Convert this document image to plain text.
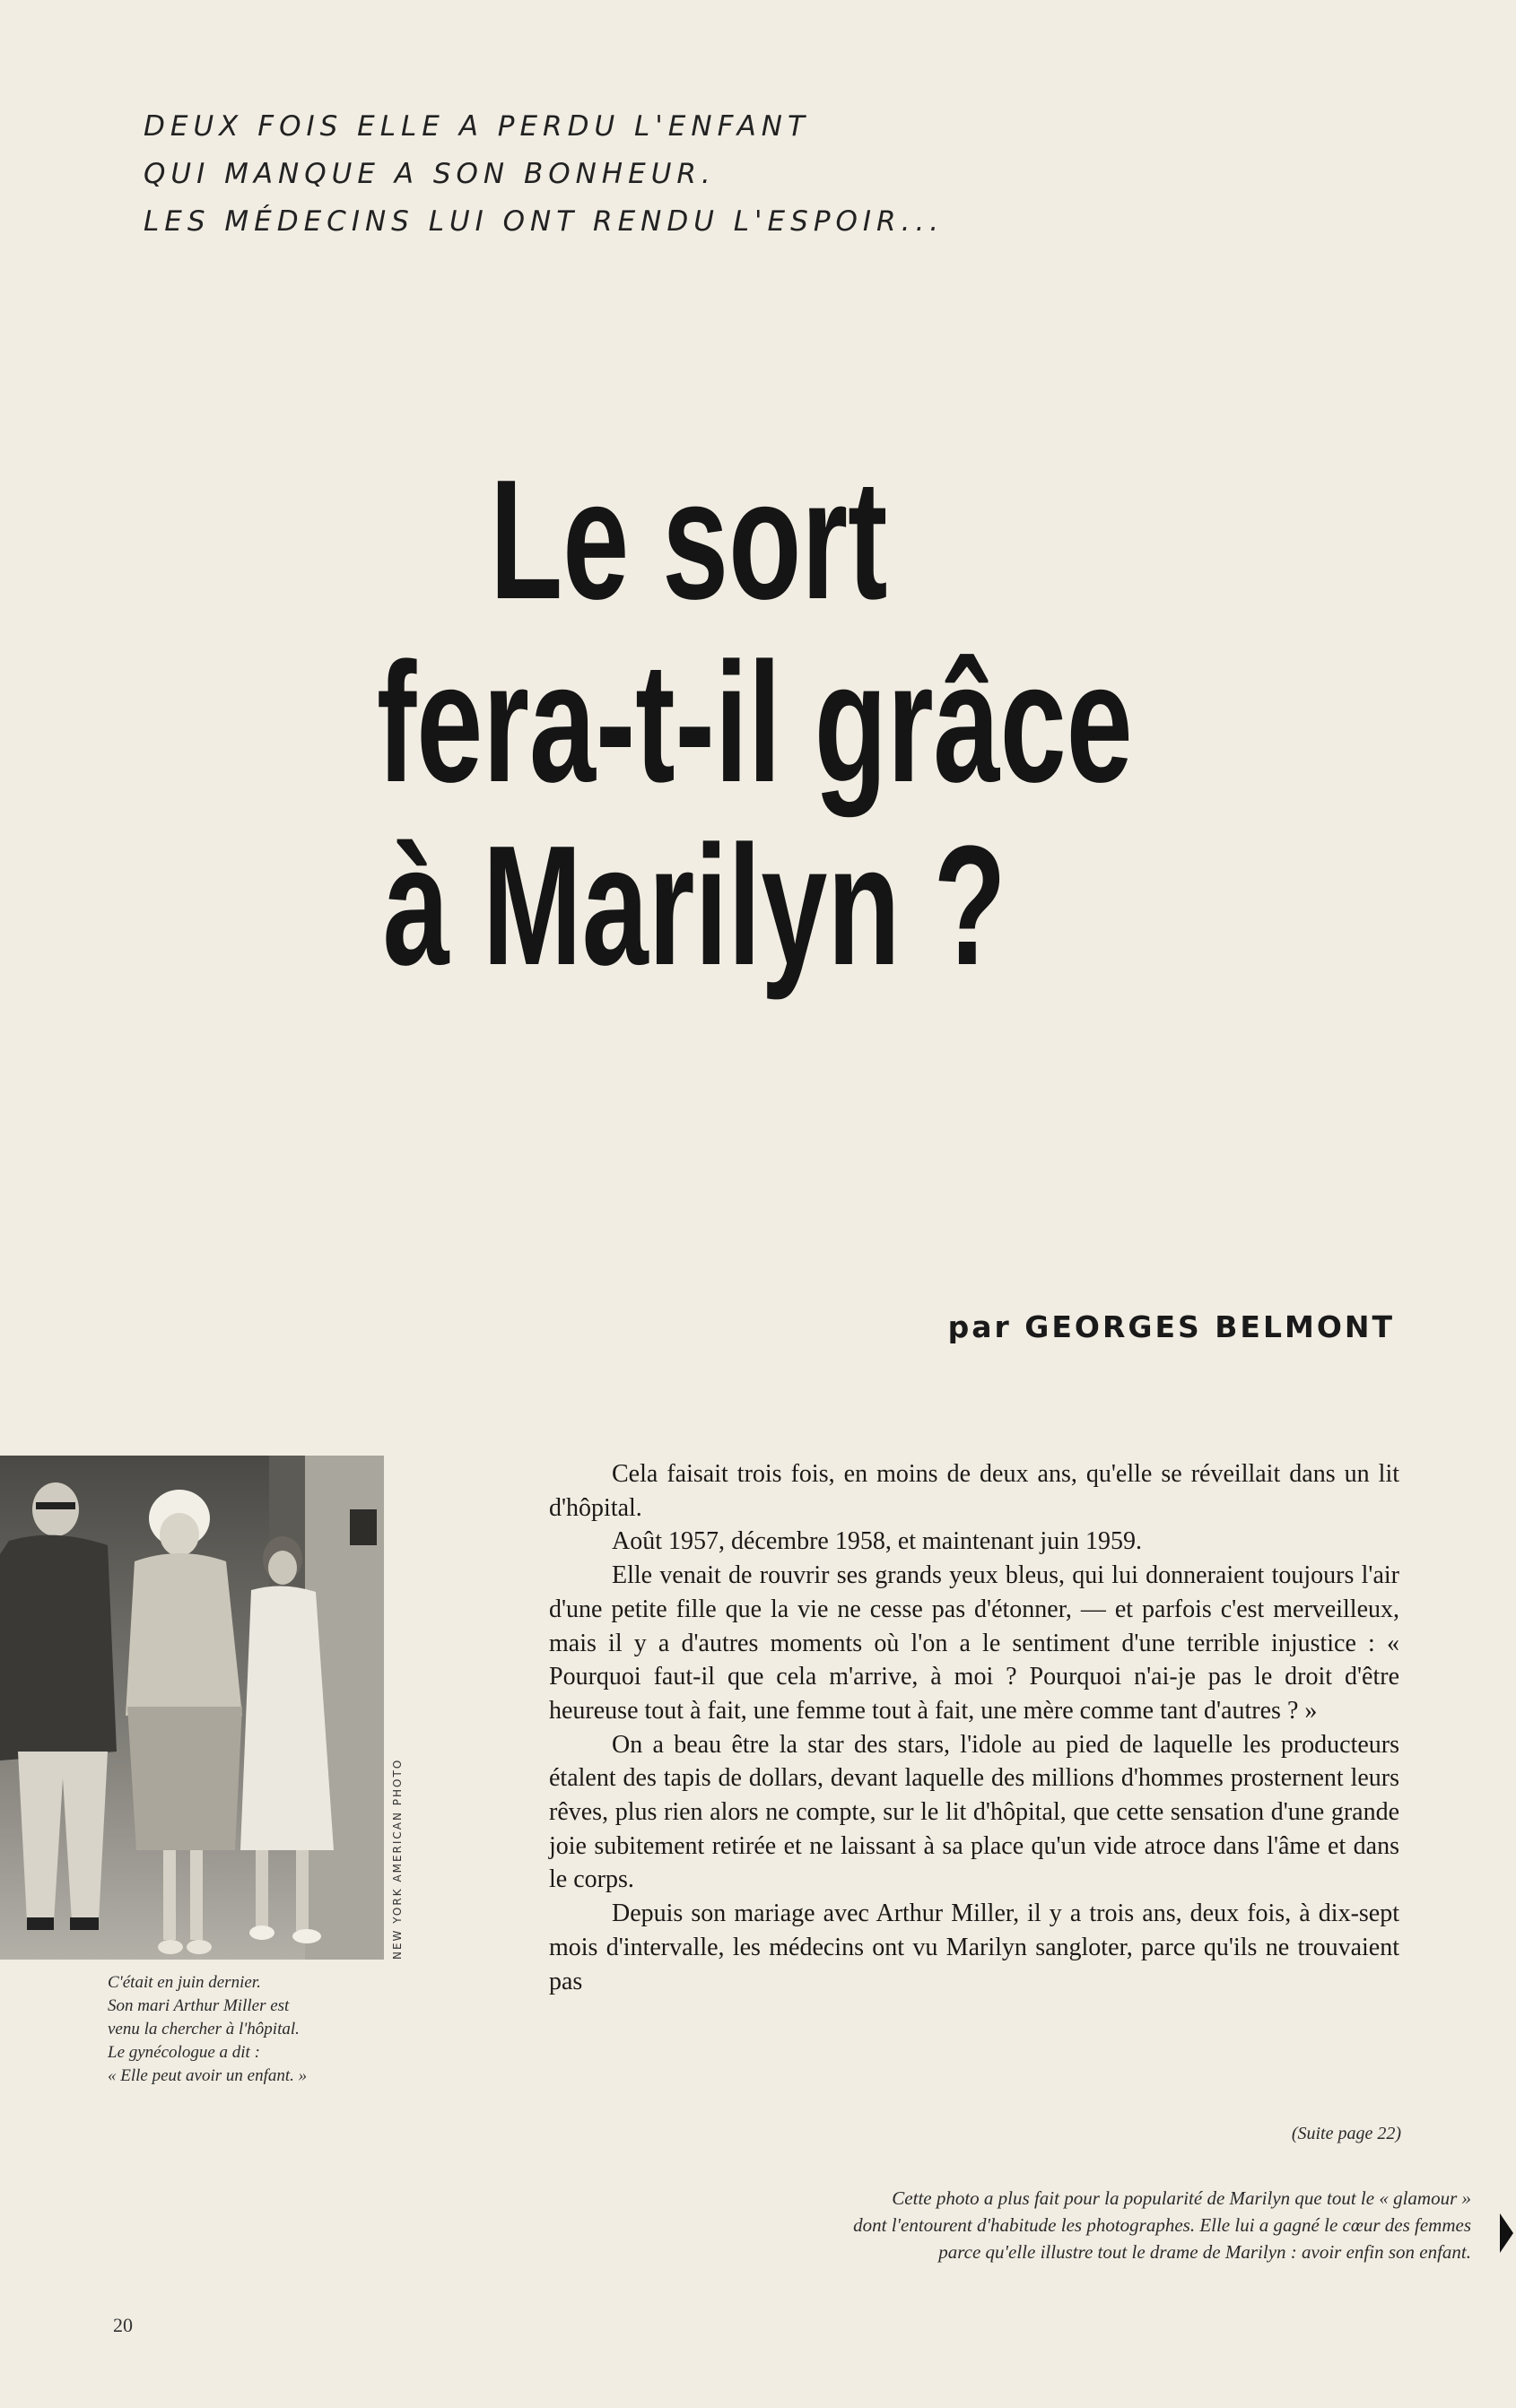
DEUX FOIS ELLE A PERDU L'ENFANT
QUI MANQUE A SON BONHEUR.
LES MÉDECINS LUI ONT RENDU L'ESPOIR...
Le sort
fera-t-il grâce
à Marilyn ?
par GEORGES BELMONT
NEW YORK AMERICAN PHOTO
C'était en juin dernier.
Son mari Arthur Miller est
venu la chercher à l'hôpital.
Le gynécologue a dit :
« Elle peut avoir un enfant. »

Cela faisait trois fois, en moins de deux ans, qu'elle se réveillait dans un lit d'hôpital.

Août 1957, décembre 1958, et maintenant juin 1959.

Elle venait de rouvrir ses grands yeux bleus, qui lui donneraient toujours l'air d'une petite fille que la vie ne cesse pas d'étonner, — et parfois c'est merveilleux, mais il y a d'autres moments où l'on a le sentiment d'une terrible injustice : « Pourquoi faut-il que cela m'arrive, à moi ? Pourquoi n'ai-je pas le droit d'être heureuse tout à fait, une femme tout à fait, une mère comme tant d'autres ? »

On a beau être la star des stars, l'idole au pied de laquelle les producteurs étalent des tapis de dollars, devant laquelle des millions d'hommes prosternent leurs rêves, plus rien alors ne compte, sur le lit d'hôpital, que cette sensation d'une grande joie subitement retirée et ne laissant à sa place qu'un vide atroce dans l'âme et dans le corps.

Depuis son mariage avec Arthur Miller, il y a trois ans, deux fois, à dix-sept mois d'intervalle, les médecins ont vu Marilyn sangloter, parce qu'ils ne trouvaient pas

(Suite page 22)
Cette photo a plus fait pour la popularité de Marilyn que tout le « glamour »
dont l'entourent d'habitude les photographes. Elle lui a gagné le cœur des femmes
parce qu'elle illustre tout le drame de Marilyn : avoir enfin son enfant.
20
